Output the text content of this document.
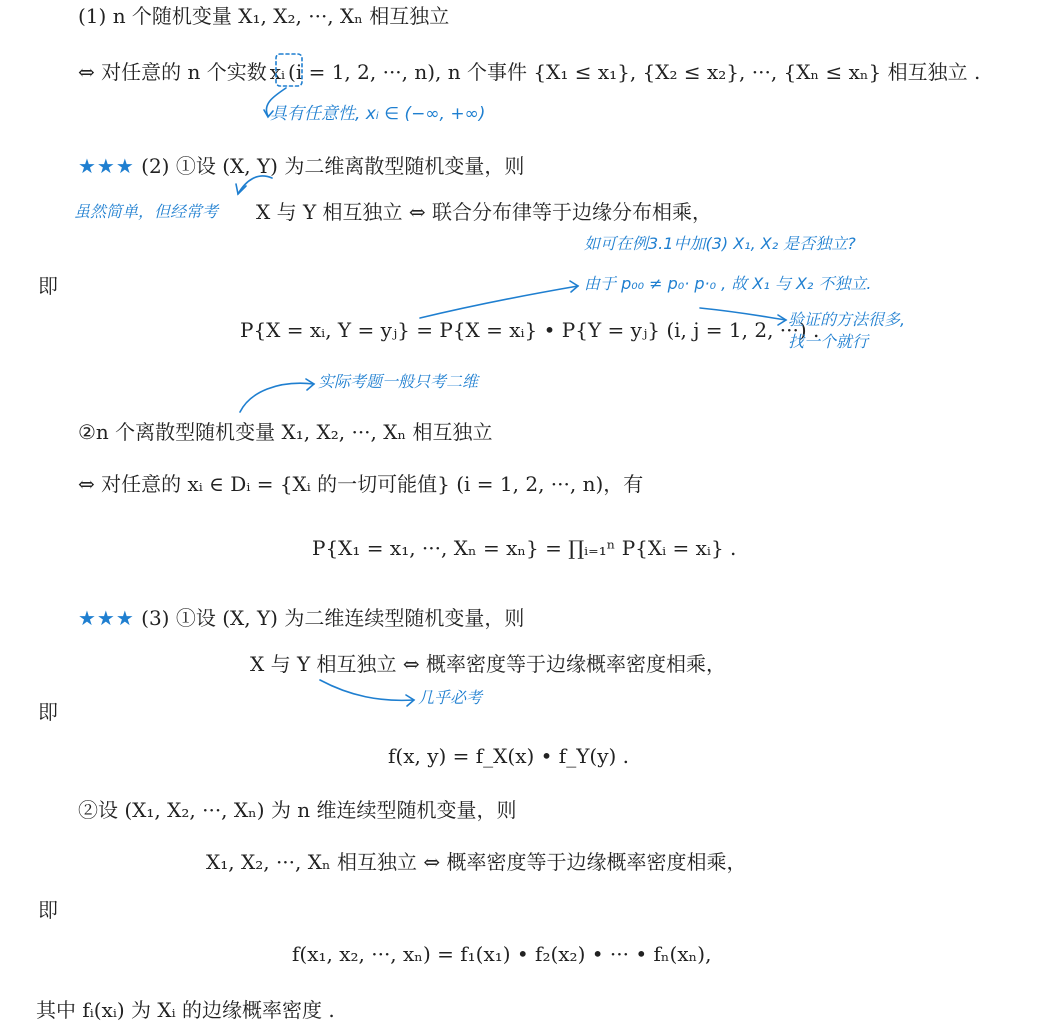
(1) n 个随机变量 X₁, X₂, ···, Xₙ 相互独立
⇔ 对任意的 n 个实数 xᵢ (i = 1, 2, ···, n), n 个事件 {X₁ ≤ x₁}, {X₂ ≤ x₂}, ···, {Xₙ ≤ xₙ} 相互独立 .
具有任意性, xᵢ ∈ (−∞, +∞)
★★★ (2) ①设 (X, Y) 为二维离散型随机变量，则
虽然简单，但经常考 X 与 Y 相互独立 ⇔ 联合分布律等于边缘分布相乘，
如可在例3.1中加(3) X₁, X₂ 是否独立?
即	由于 p₀₀ ≠ p₀· p·₀ , 故 X₁ 与 X₂ 不独立.
P{X = xᵢ, Y = yⱼ} = P{X = xᵢ} • P{Y = yⱼ} (i, j = 1, 2, ···) .
验证的方法很多,
找一个就行
实际考题一般只考二维
②n 个离散型随机变量 X₁, X₂, ···, Xₙ 相互独立
⇔ 对任意的 xᵢ ∈ Dᵢ = {Xᵢ 的一切可能值} (i = 1, 2, ···, n)，有
P{X₁ = x₁, ···, Xₙ = xₙ} = ∏ᵢ₌₁ⁿ P{Xᵢ = xᵢ} .
★★★ (3) ①设 (X, Y) 为二维连续型随机变量，则
X 与 Y 相互独立 ⇔ 概率密度等于边缘概率密度相乘，
几乎必考
即
f(x, y) = f_X(x) • f_Y(y) .
②设 (X₁, X₂, ···, Xₙ) 为 n 维连续型随机变量，则
X₁, X₂, ···, Xₙ 相互独立 ⇔ 概率密度等于边缘概率密度相乘，
即
f(x₁, x₂, ···, xₙ) = f₁(x₁) • f₂(x₂) • ··· • fₙ(xₙ),
其中 fᵢ(xᵢ) 为 Xᵢ 的边缘概率密度 .
